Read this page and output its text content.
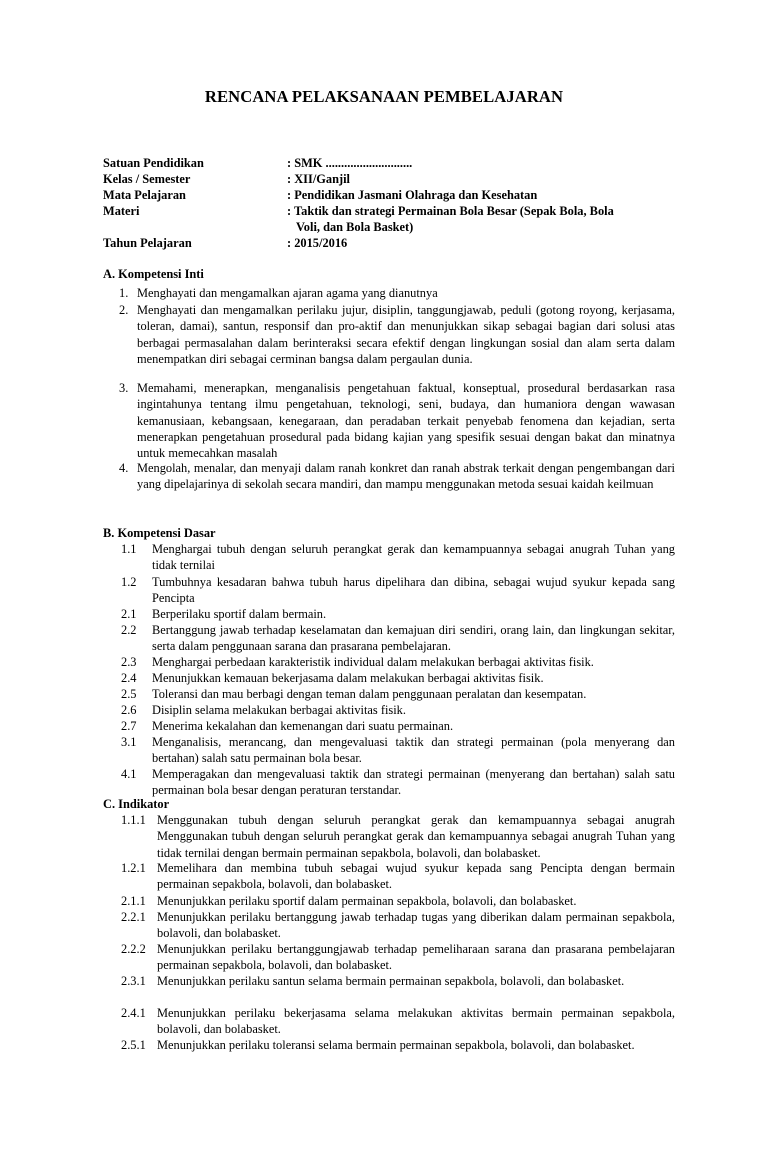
RENCANA PELAKSANAAN PEMBELAJARAN
Satuan Pendidikan	: SMK ............................
Kelas / Semester	: XII/Ganjil
Mata Pelajaran	: Pendidikan Jasmani Olahraga dan Kesehatan
Materi	: Taktik dan strategi Permainan Bola Besar (Sepak Bola, Bola
Voli, dan Bola Basket)
Tahun Pelajaran	: 2015/2016
A. Kompetensi Inti
1. Menghayati dan mengamalkan ajaran agama yang dianutnya
2. Menghayati dan mengamalkan perilaku jujur, disiplin, tanggungjawab, peduli (gotong royong, kerjasama, toleran, damai), santun, responsif dan pro-aktif dan menunjukkan sikap sebagai bagian dari solusi atas berbagai permasalahan dalam berinteraksi secara efektif dengan lingkungan sosial dan alam serta dalam menempatkan diri sebagai cerminan bangsa dalam pergaulan dunia.
3. Memahami, menerapkan, menganalisis pengetahuan faktual, konseptual, prosedural berdasarkan rasa ingintahunya tentang ilmu pengetahuan, teknologi, seni, budaya, dan humaniora dengan wawasan kemanusiaan, kebangsaan, kenegaraan, dan peradaban terkait penyebab fenomena dan kejadian, serta menerapkan pengetahuan prosedural pada bidang kajian yang spesifik sesuai dengan bakat dan minatnya untuk memecahkan masalah
4. Mengolah, menalar, dan menyaji dalam ranah konkret dan ranah abstrak terkait dengan pengembangan dari yang dipelajarinya di sekolah secara mandiri, dan mampu menggunakan metoda sesuai kaidah keilmuan
B. Kompetensi Dasar
1.1 Menghargai tubuh dengan seluruh perangkat gerak dan kemampuannya sebagai anugrah Tuhan yang tidak ternilai
1.2 Tumbuhnya kesadaran bahwa tubuh harus dipelihara dan dibina, sebagai wujud syukur kepada sang Pencipta
2.1 Berperilaku sportif dalam bermain.
2.2 Bertanggung jawab terhadap keselamatan dan kemajuan diri sendiri, orang lain, dan lingkungan sekitar, serta dalam penggunaan sarana dan prasarana pembelajaran.
2.3 Menghargai perbedaan karakteristik individual dalam melakukan berbagai aktivitas fisik.
2.4 Menunjukkan kemauan bekerjasama dalam melakukan berbagai aktivitas fisik.
2.5 Toleransi dan mau berbagi dengan teman dalam penggunaan peralatan dan kesempatan.
2.6 Disiplin selama melakukan berbagai aktivitas fisik.
2.7 Menerima kekalahan dan kemenangan dari suatu permainan.
3.1 Menganalisis, merancang, dan mengevaluasi taktik dan strategi permainan (pola menyerang dan bertahan) salah satu permainan bola besar.
4.1 Memperagakan dan mengevaluasi taktik dan strategi permainan (menyerang dan bertahan) salah satu permainan bola besar dengan peraturan terstandar.
C. Indikator
1.1.1 Menggunakan tubuh dengan seluruh perangkat gerak dan kemampuannya sebagai anugrah Menggunakan tubuh dengan seluruh perangkat gerak dan kemampuannya sebagai anugrah Tuhan yang tidak ternilai dengan bermain permainan sepakbola, bolavoli, dan bolabasket.
1.2.1 Memelihara dan membina tubuh sebagai wujud syukur kepada sang Pencipta dengan bermain permainan sepakbola, bolavoli, dan bolabasket.
2.1.1 Menunjukkan perilaku sportif dalam permainan sepakbola, bolavoli, dan bolabasket.
2.2.1 Menunjukkan perilaku bertanggung jawab terhadap tugas yang diberikan dalam permainan sepakbola, bolavoli, dan bolabasket.
2.2.2 Menunjukkan perilaku bertanggungjawab terhadap pemeliharaan sarana dan prasarana pembelajaran permainan sepakbola, bolavoli, dan bolabasket.
2.3.1 Menunjukkan perilaku santun selama bermain permainan sepakbola, bolavoli, dan bolabasket.
2.4.1 Menunjukkan perilaku bekerjasama selama melakukan aktivitas bermain permainan sepakbola, bolavoli, dan bolabasket.
2.5.1 Menunjukkan perilaku toleransi selama bermain permainan sepakbola, bolavoli, dan bolabasket.
